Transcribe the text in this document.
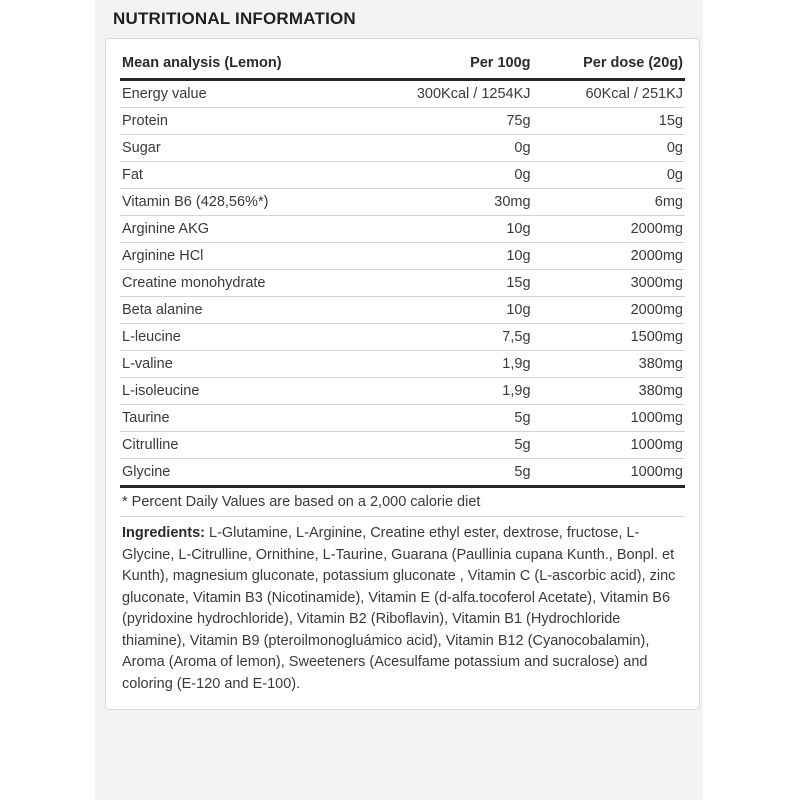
NUTRITIONAL INFORMATION
Mean analysis (Lemon)	Per 100g	Per dose (20g)
Energy value	300Kcal / 1254KJ	60Kcal / 251KJ
Protein	75g	15g
Sugar	0g	0g
Fat	0g	0g
Vitamin B6 (428,56%*)	30mg	6mg
Arginine AKG	10g	2000mg
Arginine HCl	10g	2000mg
Creatine monohydrate	15g	3000mg
Beta alanine	10g	2000mg
L-leucine	7,5g	1500mg
L-valine	1,9g	380mg
L-isoleucine	1,9g	380mg
Taurine	5g	1000mg
Citrulline	5g	1000mg
Glycine	5g	1000mg
* Percent Daily Values are based on a 2,000 calorie diet
Ingredients: L-Glutamine, L-Arginine, Creatine ethyl ester, dextrose, fructose, L-Glycine, L-Citrulline, Ornithine, L-Taurine, Guarana (Paullinia cupana Kunth., Bonpl. et Kunth), magnesium gluconate, potassium gluconate , Vitamin C (L-ascorbic acid), zinc gluconate, Vitamin B3 (Nicotinamide), Vitamin E (d-alfa.tocoferol Acetate), Vitamin B6 (pyridoxine hydrochloride), Vitamin B2 (Riboflavin), Vitamin B1 (Hydrochloride thiamine), Vitamin B9 (pteroilmonogluámico acid), Vitamin B12 (Cyanocobalamin), Aroma (Aroma of lemon), Sweeteners (Acesulfame potassium and sucralose) and coloring (E-120 and E-100).
